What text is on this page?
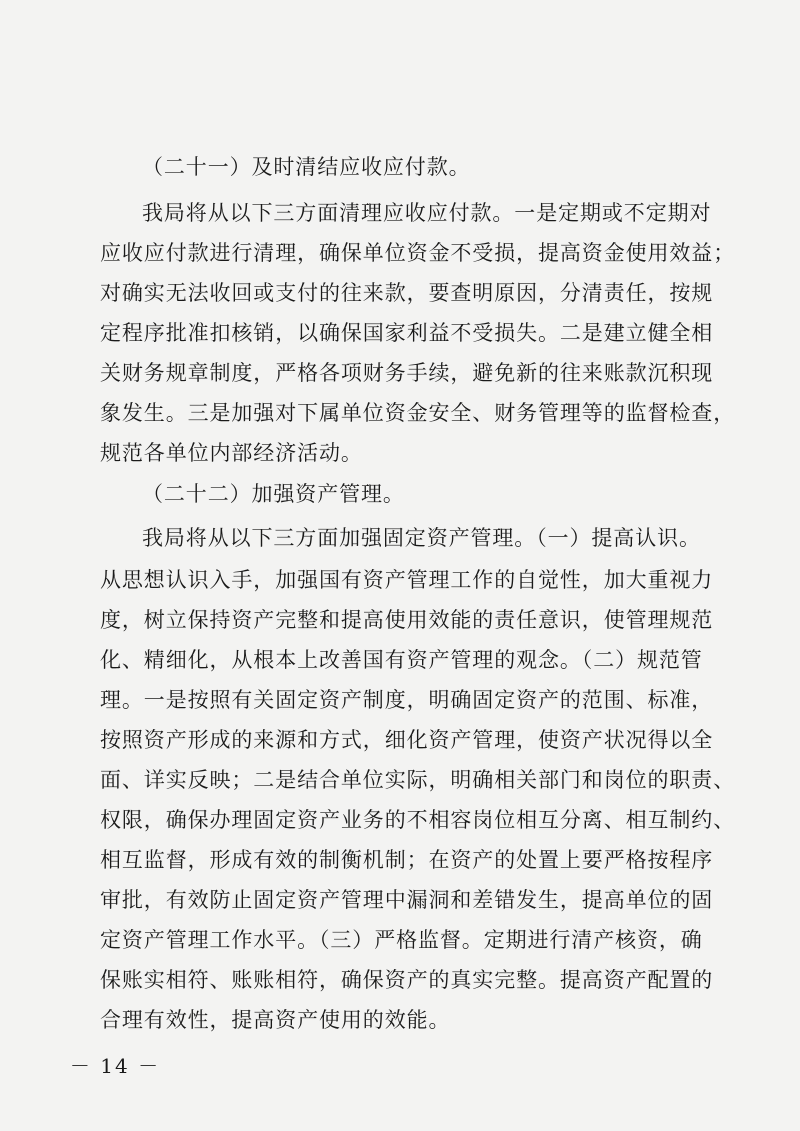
（二十一）及时清结应收应付款。
我局将从以下三方面清理应收应付款。一是定期或不定期对
应收应付款进行清理，确保单位资金不受损，提高资金使用效益；
对确实无法收回或支付的往来款，要查明原因，分清责任，按规
定程序批准扣核销，以确保国家利益不受损失。二是建立健全相
关财务规章制度，严格各项财务手续，避免新的往来账款沉积现
象发生。三是加强对下属单位资金安全、财务管理等的监督检查，
规范各单位内部经济活动。
（二十二）加强资产管理。
我局将从以下三方面加强固定资产管理。（一）提高认识。
从思想认识入手，加强国有资产管理工作的自觉性，加大重视力
度，树立保持资产完整和提高使用效能的责任意识，使管理规范
化、精细化，从根本上改善国有资产管理的观念。（二）规范管
理。一是按照有关固定资产制度，明确固定资产的范围、标准，
按照资产形成的来源和方式，细化资产管理，使资产状况得以全
面、详实反映；二是结合单位实际，明确相关部门和岗位的职责、
权限，确保办理固定资产业务的不相容岗位相互分离、相互制约、
相互监督，形成有效的制衡机制；在资产的处置上要严格按程序
审批，有效防止固定资产管理中漏洞和差错发生，提高单位的固
定资产管理工作水平。（三）严格监督。定期进行清产核资，确
保账实相符、账账相符，确保资产的真实完整。提高资产配置的
合理有效性，提高资产使用的效能。
－ 14 －
